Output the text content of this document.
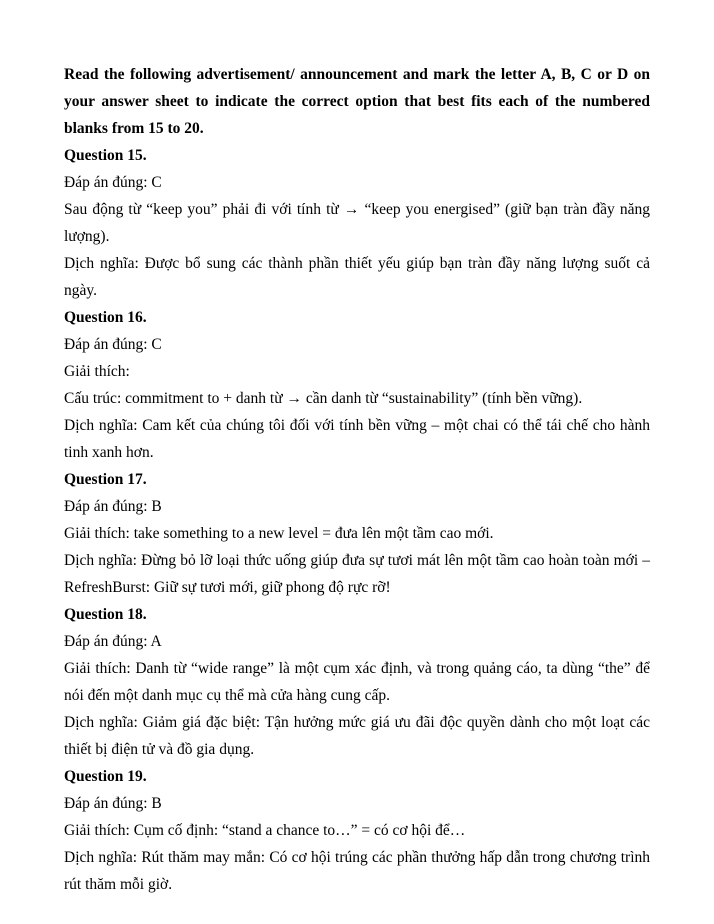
Read the following advertisement/ announcement and mark the letter A, B, C or D on your answer sheet to indicate the correct option that best fits each of the numbered blanks from 15 to 20.

Question 15.

Đáp án đúng: C

Sau động từ “keep you” phải đi với tính từ → “keep you energised” (giữ bạn tràn đầy năng lượng).

Dịch nghĩa: Được bổ sung các thành phần thiết yếu giúp bạn tràn đầy năng lượng suốt cả ngày.

Question 16.

Đáp án đúng: C

Giải thích:

Cấu trúc: commitment to + danh từ → cần danh từ “sustainability” (tính bền vững).

Dịch nghĩa: Cam kết của chúng tôi đối với tính bền vững – một chai có thể tái chế cho hành tinh xanh hơn.

Question 17.

Đáp án đúng: B

Giải thích: take something to a new level = đưa lên một tầm cao mới.

Dịch nghĩa: Đừng bỏ lỡ loại thức uống giúp đưa sự tươi mát lên một tầm cao hoàn toàn mới – RefreshBurst: Giữ sự tươi mới, giữ phong độ rực rỡ!

Question 18.

Đáp án đúng: A

Giải thích: Danh từ “wide range” là một cụm xác định, và trong quảng cáo, ta dùng “the” để nói đến một danh mục cụ thể mà cửa hàng cung cấp.

Dịch nghĩa: Giảm giá đặc biệt: Tận hưởng mức giá ưu đãi độc quyền dành cho một loạt các thiết bị điện tử và đồ gia dụng.

Question 19.

Đáp án đúng: B

Giải thích: Cụm cố định: “stand a chance to…” = có cơ hội để…

Dịch nghĩa: Rút thăm may mắn: Có cơ hội trúng các phần thưởng hấp dẫn trong chương trình rút thăm mỗi giờ.
